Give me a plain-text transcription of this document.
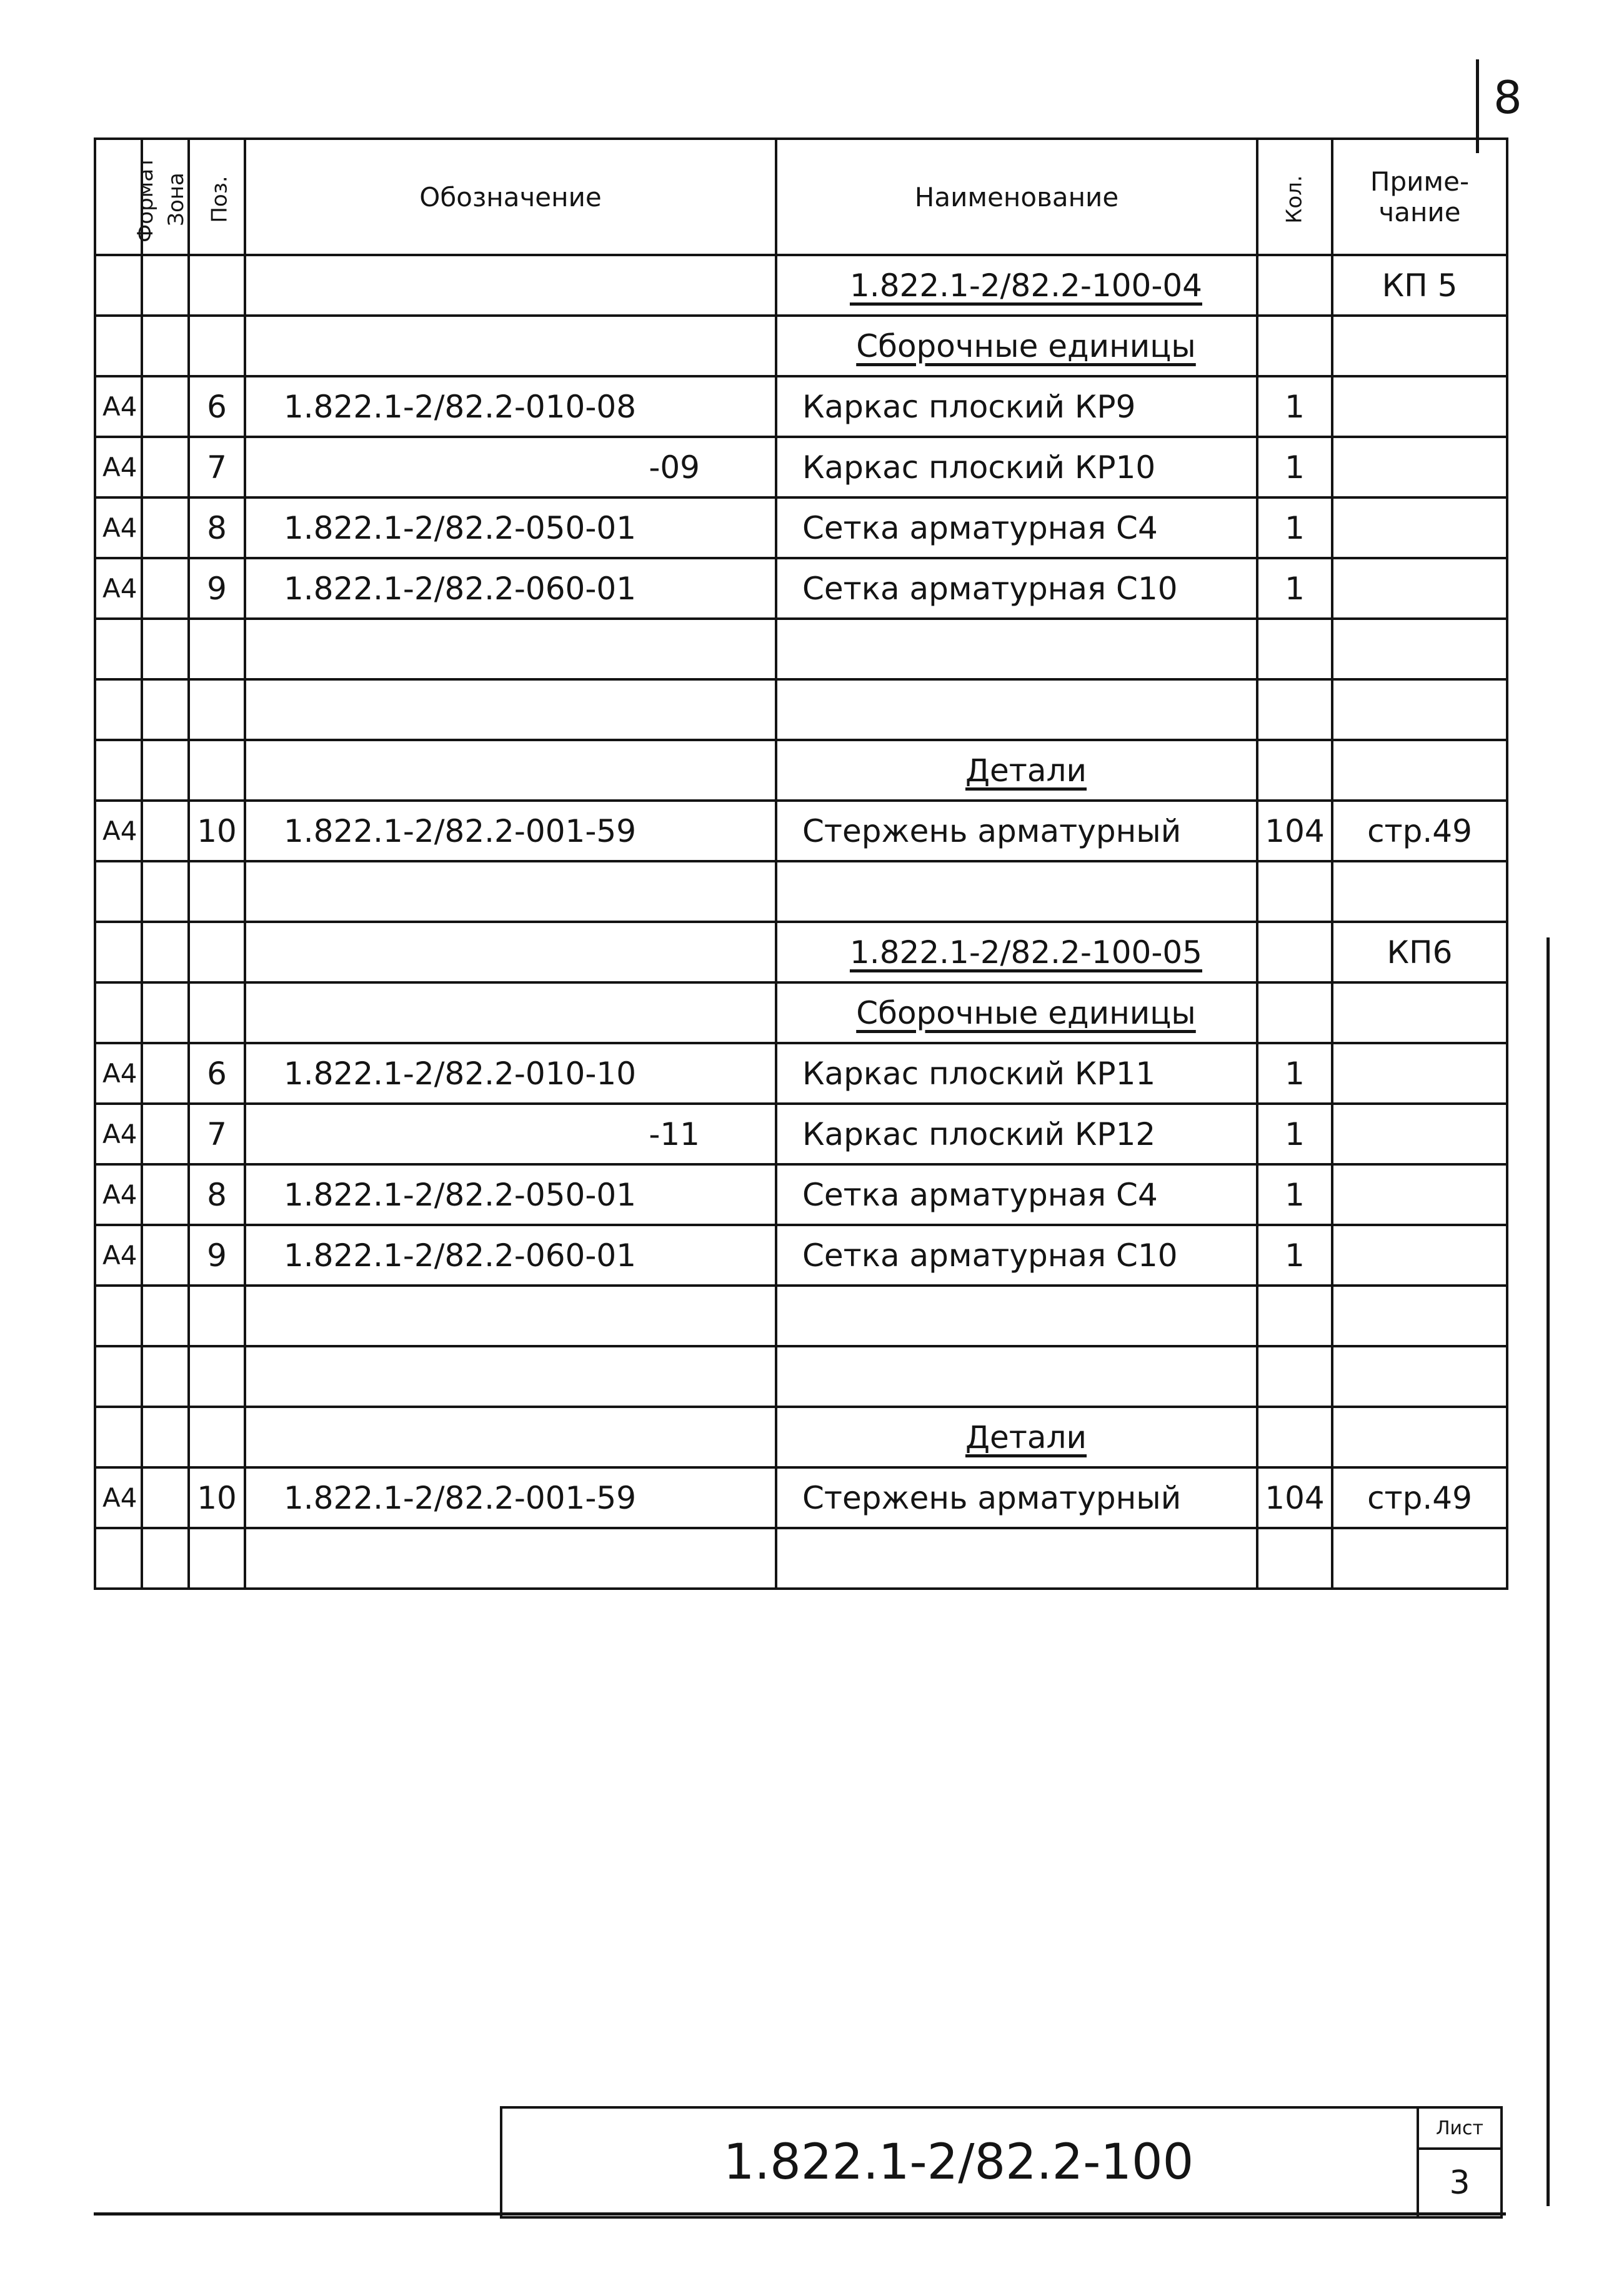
8
Формат	Зона	Поз.	Обозначение	Наименование	Кол.	Приме-чание
				1.822.1-2/82.2-100-04		КП 5
				Сборочные единицы		
А4		6	1.822.1-2/82.2-010-08	Каркас плоский КР9	1	
А4		7	-09	Каркас плоский КР10	1	
А4		8	1.822.1-2/82.2-050-01	Сетка арматурная С4	1	
А4		9	1.822.1-2/82.2-060-01	Сетка арматурная С10	1	

				Детали		
А4		10	1.822.1-2/82.2-001-59	Стержень арматурный	104	стр.49

				1.822.1-2/82.2-100-05		КП6
				Сборочные единицы		
А4		6	1.822.1-2/82.2-010-10	Каркас плоский КР11	1	
А4		7	-11	Каркас плоский КР12	1	
А4		8	1.822.1-2/82.2-050-01	Сетка арматурная С4	1	
А4		9	1.822.1-2/82.2-060-01	Сетка арматурная С10	1	

				Детали		
А4		10	1.822.1-2/82.2-001-59	Стержень арматурный	104	стр.49

1.822.1-2/82.2-100
Лист
3
